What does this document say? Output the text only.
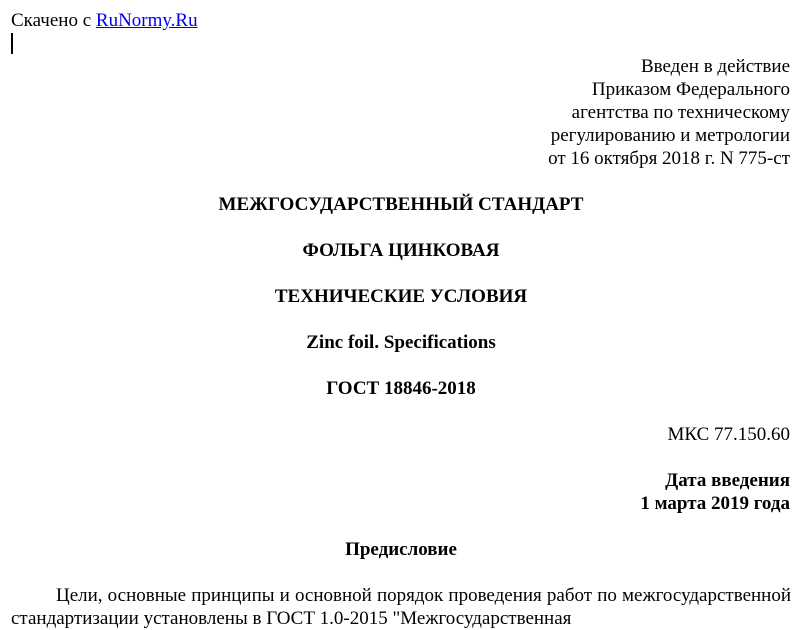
Скачено с RuNormy.Ru
Введен в действие
Приказом Федерального
агентства по техническому
регулированию и метрологии
от 16 октября 2018 г. N 775-ст
МЕЖГОСУДАРСТВЕННЫЙ СТАНДАРТ
ФОЛЬГА ЦИНКОВАЯ
ТЕХНИЧЕСКИЕ УСЛОВИЯ
Zinc foil. Specifications
ГОСТ 18846-2018
МКС 77.150.60
Дата введения
1 марта 2019 года
Предисловие
Цели, основные принципы и основной порядок проведения работ по межгосударственной стандартизации установлены в ГОСТ 1.0-2015 "Межгосударственная
